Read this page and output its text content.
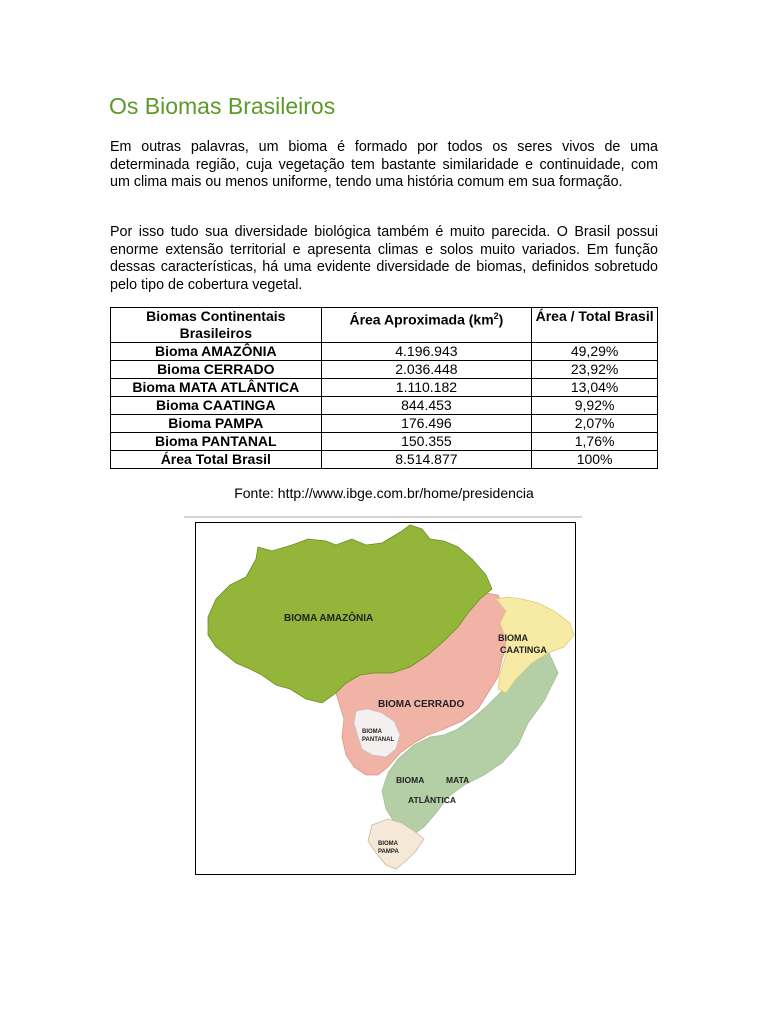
Os Biomas Brasileiros

Em outras palavras, um bioma é formado por todos os seres vivos de uma determinada região, cuja vegetação tem bastante similaridade e continuidade, com um clima mais ou menos uniforme, tendo uma história comum em sua formação.

Por isso tudo sua diversidade biológica também é muito parecida. O Brasil possui enorme extensão territorial e apresenta climas e solos muito variados. Em função dessas características, há uma evidente diversidade de biomas, definidos sobretudo pelo tipo de cobertura vegetal.

Biomas Continentais Brasileiros	Área Aproximada $(km^2)$	Área / Total Brasil
Bioma AMAZÔNIA	4.196.943	49,29%
Bioma CERRADO	2.036.448	23,92%
Bioma MATA ATLÂNTICA	1.110.182	13,04%
Bioma CAATINGA	844.453	9,92%
Bioma PAMPA	176.496	2,07%
Bioma PANTANAL	150.355	1,76%
Área Total Brasil	8.514.877	100%
Fonte: http://www.ibge.com.br/home/presidencia
BIOMA AMAZÔNIA
BIOMA
CAATINGA
BIOMA CERRADO
BIOMA
PANTANAL
BIOMA	MATA
ATLÂNTICA
BIOMA
PAMPA
